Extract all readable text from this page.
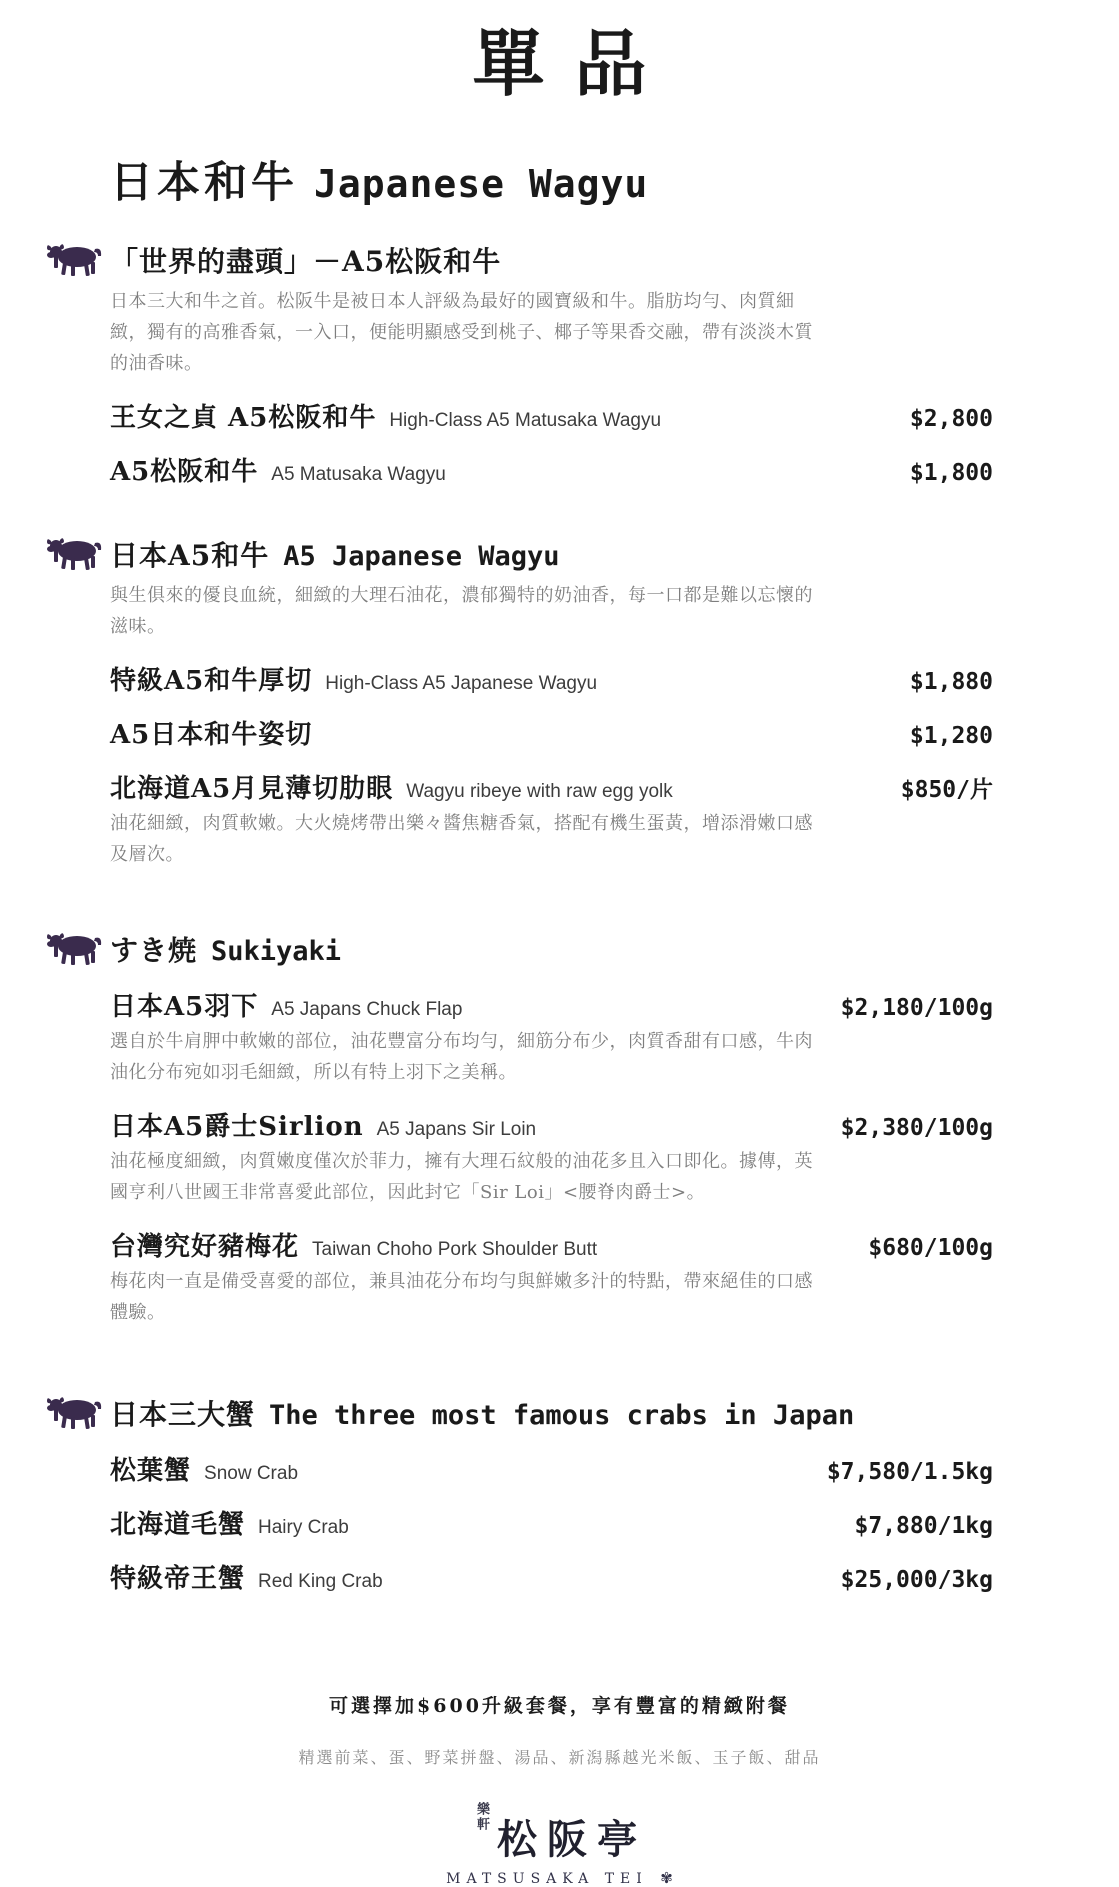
單品
日本和牛 Japanese Wagyu
「世界的盡頭」－A5松阪和牛

日本三大和牛之首。松阪牛是被日本人評級為最好的國寶級和牛。脂肪均勻、肉質細緻，獨有的高雅香氣，一入口，便能明顯感受到桃子、椰子等果香交融，帶有淡淡木質的油香味。

王女之貞 A5松阪和牛 High-Class A5 Matusaka Wagyu	$2,800
A5松阪和牛 A5 Matusaka Wagyu	$1,800
日本A5和牛 A5 Japanese Wagyu

與生俱來的優良血統，細緻的大理石油花，濃郁獨特的奶油香，每一口都是難以忘懷的滋味。

特級A5和牛厚切 High-Class A5 Japanese Wagyu	$1,880
A5日本和牛姿切	$1,280
北海道A5月見薄切肋眼 Wagyu ribeye with raw egg yolk	$850/片

油花細緻，肉質軟嫩。大火燒烤帶出樂々醬焦糖香氣，搭配有機生蛋黃，增添滑嫩口感及層次。

すき焼 Sukiyaki
日本A5羽下 A5 Japans Chuck Flap	$2,180/100g

選自於牛肩胛中軟嫩的部位，油花豐富分布均勻，細筋分布少，肉質香甜有口感，牛肉油化分布宛如羽毛細緻，所以有特上羽下之美稱。

日本A5爵士Sirlion A5 Japans Sir Loin	$2,380/100g

油花極度細緻，肉質嫩度僅次於菲力，擁有大理石紋般的油花多且入口即化。據傳，英國亨利八世國王非常喜愛此部位，因此封它「Sir Loi」<腰脊肉爵士>。

台灣究好豬梅花 Taiwan Choho Pork Shoulder Butt	$680/100g

梅花肉一直是備受喜愛的部位，兼具油花分布均勻與鮮嫩多汁的特點，帶來絕佳的口感體驗。

日本三大蟹 The three most famous crabs in Japan
松葉蟹 Snow Crab	$7,580/1.5kg
北海道毛蟹 Hairy Crab	$7,880/1kg
特級帝王蟹 Red King Crab	$25,000/3kg
可選擇加$600升級套餐，享有豐富的精緻附餐
精選前菜、蛋、野菜拼盤、湯品、新潟縣越光米飯、玉子飯、甜品
樂軒 松阪亭
MATSUSAKA TEI ✾
